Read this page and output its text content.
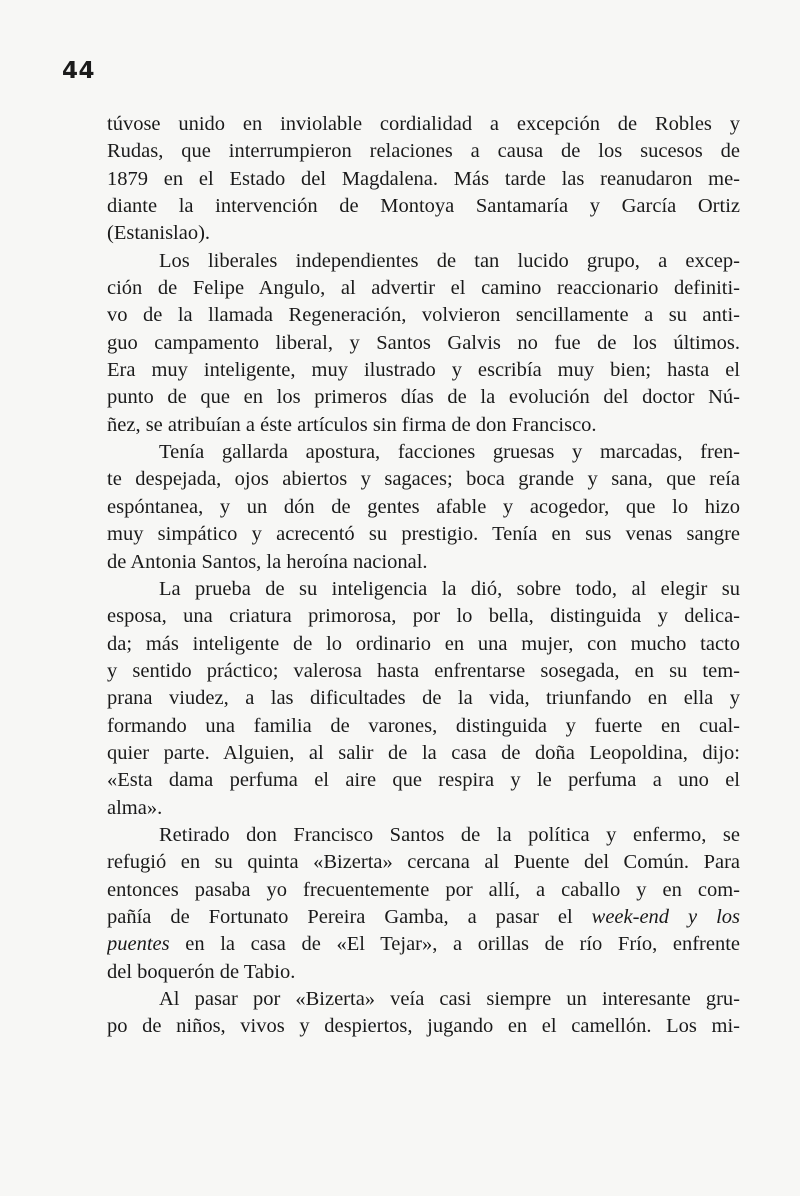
44
túvose unido en inviolable cordialidad a excepción de Robles y
Rudas, que interrumpieron relaciones a causa de los sucesos de
1879 en el Estado del Magdalena. Más tarde las reanudaron me-
diante la intervención de Montoya Santamaría y García Ortiz
(Estanislao).
Los liberales independientes de tan lucido grupo, a excep-
ción de Felipe Angulo, al advertir el camino reaccionario definiti-
vo de la llamada Regeneración, volvieron sencillamente a su anti-
guo campamento liberal, y Santos Galvis no fue de los últimos.
Era muy inteligente, muy ilustrado y escribía muy bien; hasta el
punto de que en los primeros días de la evolución del doctor Nú-
ñez, se atribuían a éste artículos sin firma de don Francisco.
Tenía gallarda apostura, facciones gruesas y marcadas, fren-
te despejada, ojos abiertos y sagaces; boca grande y sana, que reía
espóntanea, y un dón de gentes afable y acogedor, que lo hizo
muy simpático y acrecentó su prestigio. Tenía en sus venas sangre
de Antonia Santos, la heroína nacional.
La prueba de su inteligencia la dió, sobre todo, al elegir su
esposa, una criatura primorosa, por lo bella, distinguida y delica-
da; más inteligente de lo ordinario en una mujer, con mucho tacto
y sentido práctico; valerosa hasta enfrentarse sosegada, en su tem-
prana viudez, a las dificultades de la vida, triunfando en ella y
formando una familia de varones, distinguida y fuerte en cual-
quier parte. Alguien, al salir de la casa de doña Leopoldina, dijo:
«Esta dama perfuma el aire que respira y le perfuma a uno el
alma».
Retirado don Francisco Santos de la política y enfermo, se
refugió en su quinta «Bizerta» cercana al Puente del Común. Para
entonces pasaba yo frecuentemente por allí, a caballo y en com-
pañía de Fortunato Pereira Gamba, a pasar el week-end y los
puentes en la casa de «El Tejar», a orillas de río Frío, enfrente
del boquerón de Tabio.
Al pasar por «Bizerta» veía casi siempre un interesante gru-
po de niños, vivos y despiertos, jugando en el camellón. Los mi-
